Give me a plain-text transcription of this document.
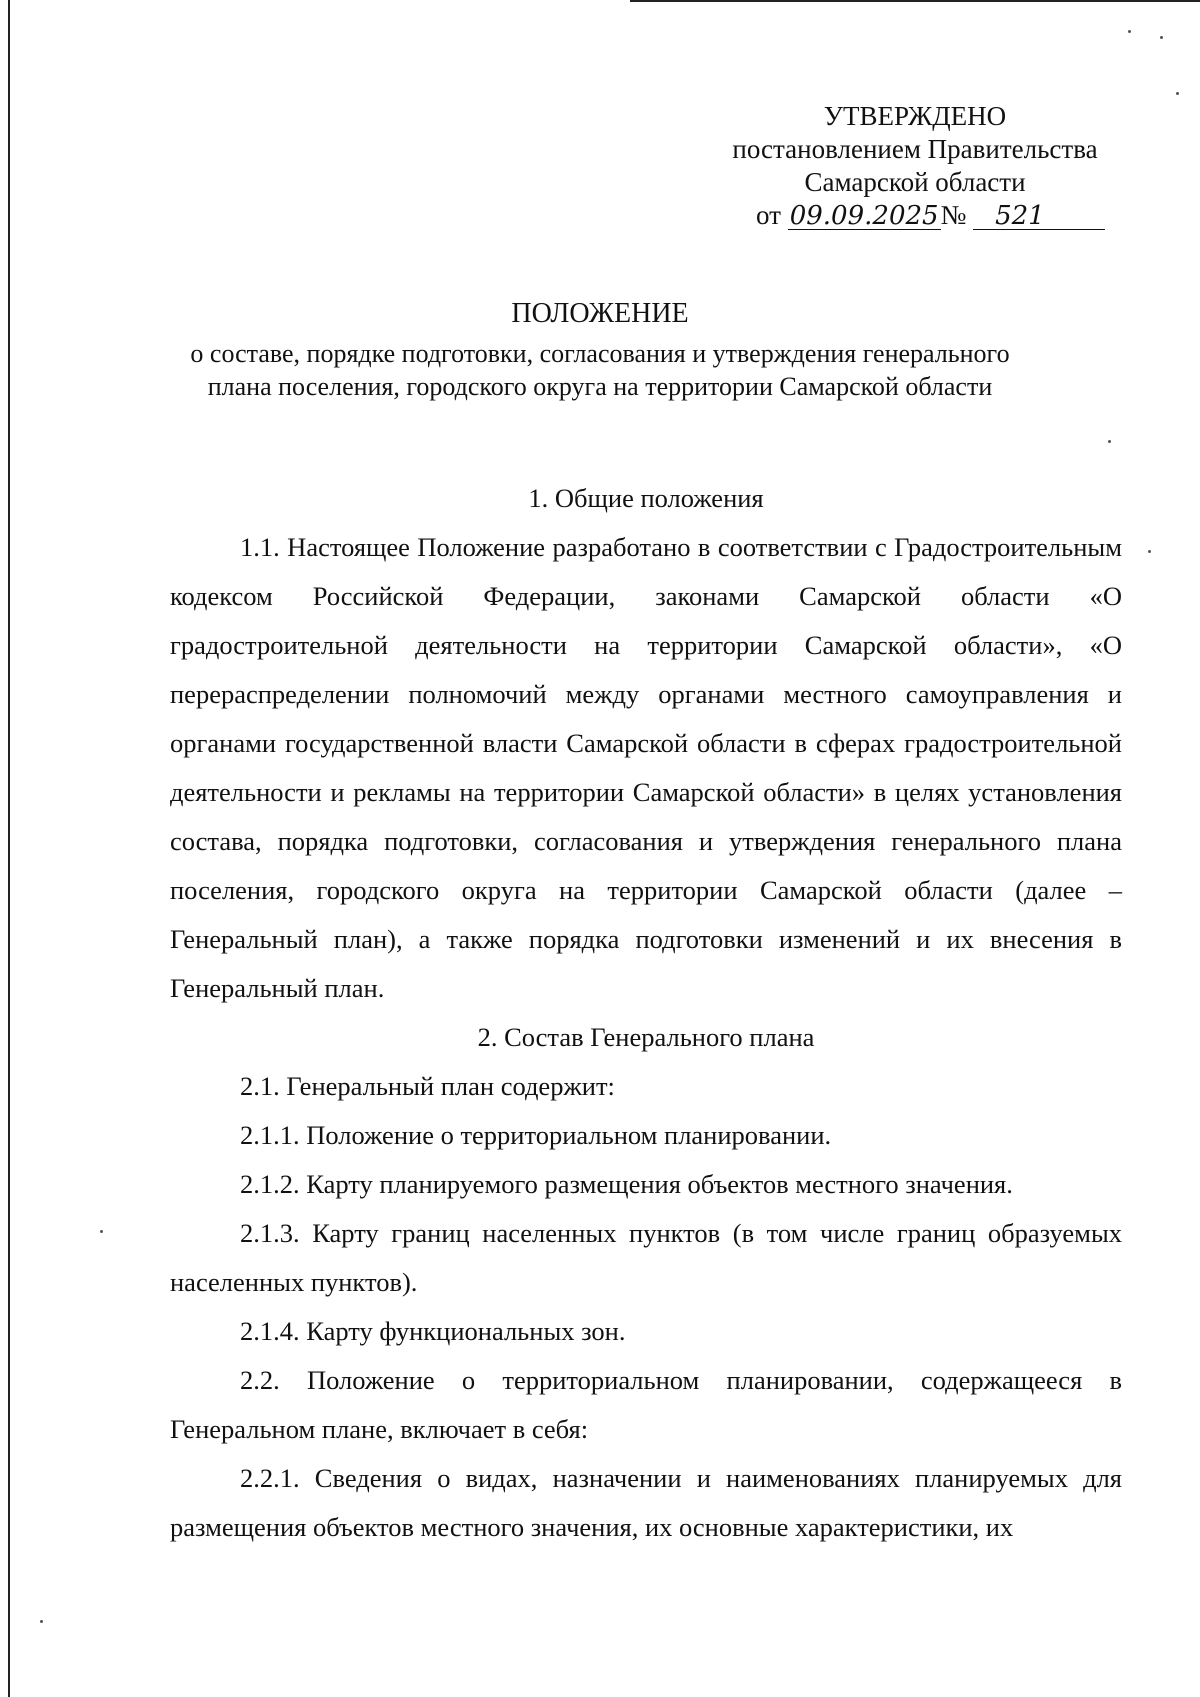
УТВЕРЖДЕНО
постановлением Правительства
Самарской области
от 09.09.2025№ 521
ПОЛОЖЕНИЕ
о составе, порядке подготовки, согласования и утверждения генерального
плана поселения, городского округа на территории Самарской области
1. Общие положения

1.1. Настоящее Положение разработано в соответствии с Градостроительным кодексом Российской Федерации, законами Самарской области «О градостроительной деятельности на территории Самарской области», «О перераспределении полномочий между органами местного самоуправления и органами государственной власти Самарской области в сферах градостроительной деятельности и рекламы на территории Самарской области» в целях установления состава, порядка подготовки, согласования и утверждения генерального плана поселения, городского округа на территории Самарской области (далее – Генеральный план), а также порядка подготовки изменений и их внесения в Генеральный план.

2. Состав Генерального плана

2.1. Генеральный план содержит:

2.1.1. Положение о территориальном планировании.

2.1.2. Карту планируемого размещения объектов местного значения.

2.1.3. Карту границ населенных пунктов (в том числе границ образуемых населенных пунктов).

2.1.4. Карту функциональных зон.

2.2. Положение о территориальном планировании, содержащееся в Генеральном плане, включает в себя:

2.2.1. Сведения о видах, назначении и наименованиях планируемых для размещения объектов местного значения, их основные характеристики, их
